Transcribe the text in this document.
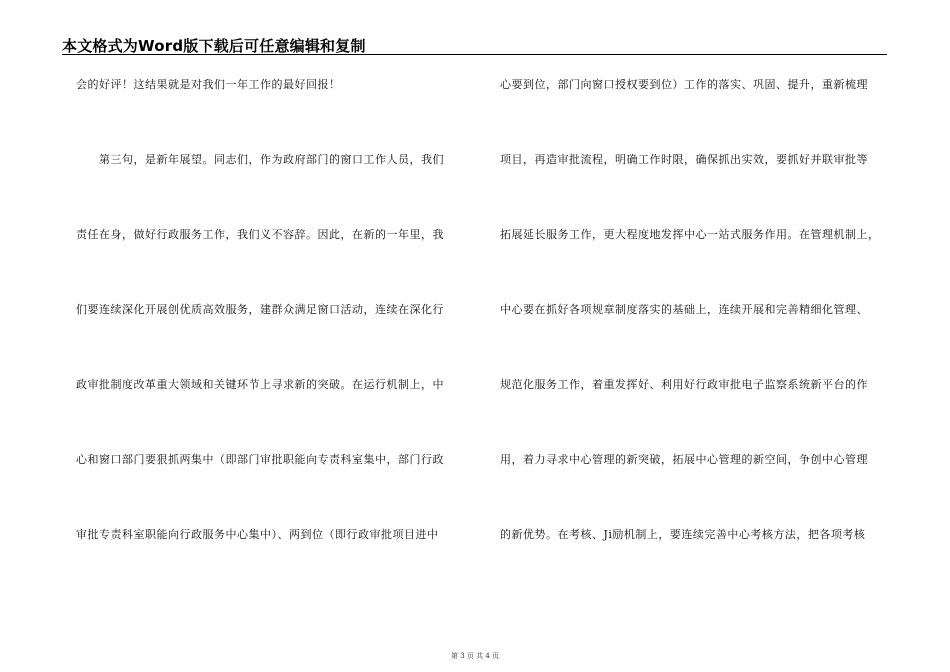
本文格式为Word版下载后可任意编辑和复制
会的好评！这结果就是对我们一年工作的最好回报！
　　第三句，是新年展望。同志们，作为政府部门的窗口工作人员，我们
责任在身，做好行政服务工作，我们义不容辞。因此，在新的一年里，我
们要连续深化开展创优质高效服务，建群众满足窗口活动，连续在深化行
政审批制度改革重大领域和关键环节上寻求新的突破。在运行机制上，中
心和窗口部门要狠抓两集中（即部门审批职能向专责科室集中，部门行政
审批专责科室职能向行政服务中心集中）、两到位（即行政审批项目进中
心要到位，部门向窗口授权要到位）工作的落实、巩固、提升，重新梳理
项目，再造审批流程，明确工作时限，确保抓出实效，要抓好并联审批等
拓展延长服务工作，更大程度地发挥中心一站式服务作用。在管理机制上，
中心要在抓好各项规章制度落实的基础上，连续开展和完善精细化管理、
规范化服务工作，着重发挥好、利用好行政审批电子监察系统新平台的作
用，着力寻求中心管理的新突破，拓展中心管理的新空间，争创中心管理
的新优势。在考核、Ji励机制上，要连续完善中心考核方法，把各项考核
第 3 页 共 4 页
